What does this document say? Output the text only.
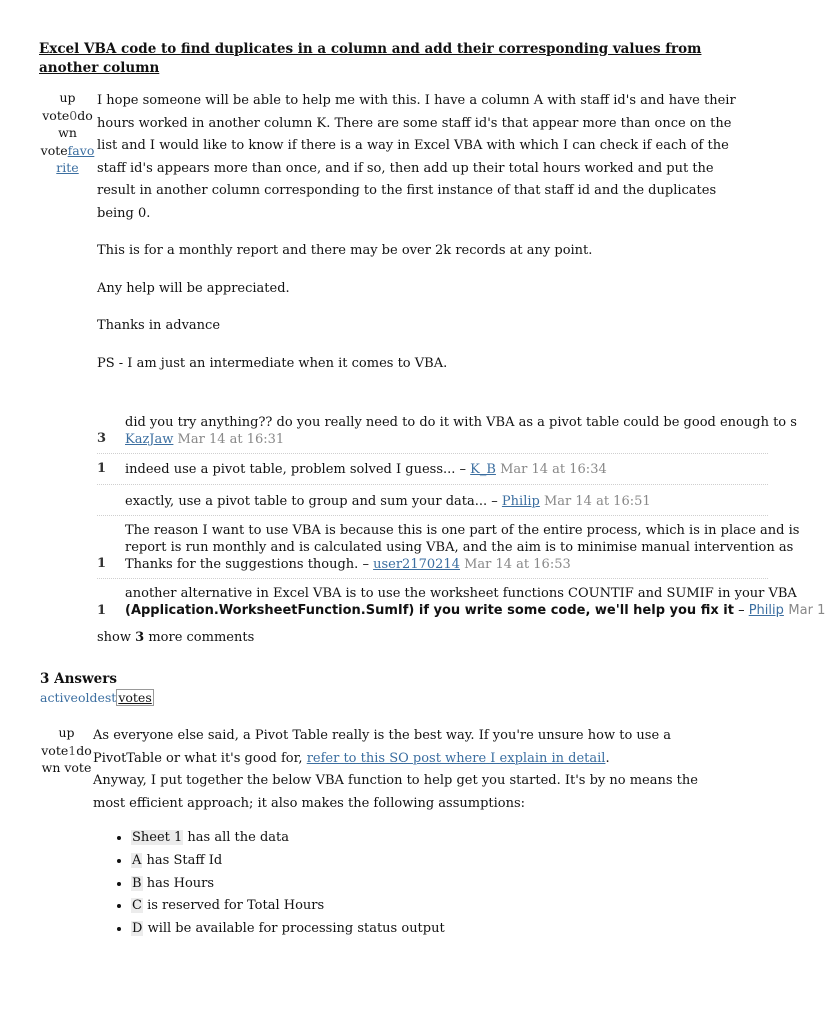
Excel VBA code to find duplicates in a column and add their corresponding values from another column
up
vote0do
wn
votefavo
rite

I hope someone will be able to help me with this. I have a column A with staff id's and have their hours worked in another column K. There are some staff id's that appear more than once on the list and I would like to know if there is a way in Excel VBA with which I can check if each of the staff id's appears more than once, and if so, then add up their total hours worked and put the result in another column corresponding to the first instance of that staff id and the duplicates being 0.

This is for a monthly report and there may be over 2k records at any point.

Any help will be appreciated.

Thanks in advance

PS - I am just an intermediate when it comes to VBA.

3
did you try anything?? do you really need to do it with VBA as a pivot table could be good enough to s
KazJaw Mar 14 at 16:31
1	indeed use a pivot table, problem solved I guess... – K_B Mar 14 at 16:34
exactly, use a pivot table to group and sum your data... – Philip Mar 14 at 16:51
1
The reason I want to use VBA is because this is one part of the entire process, which is in place and is
report is run monthly and is calculated using VBA, and the aim is to minimise manual intervention as
Thanks for the suggestions though. – user2170214 Mar 14 at 16:53
1
another alternative in Excel VBA is to use the worksheet functions COUNTIF and SUMIF in your VBA
(Application.WorksheetFunction.SumIf) if you write some code, we'll help you fix it – Philip Mar 1
show 3 more comments
3 Answers
activeoldest votes
up
vote1do
wn vote

As everyone else said, a Pivot Table really is the best way. If you're unsure how to use a PivotTable or what it's good for, refer to this SO post where I explain in detail.

Anyway, I put together the below VBA function to help get you started. It's by no means the most efficient approach; it also makes the following assumptions:

• Sheet 1 has all the data
• A has Staff Id
• B has Hours
• C is reserved for Total Hours
• D will be available for processing status output
